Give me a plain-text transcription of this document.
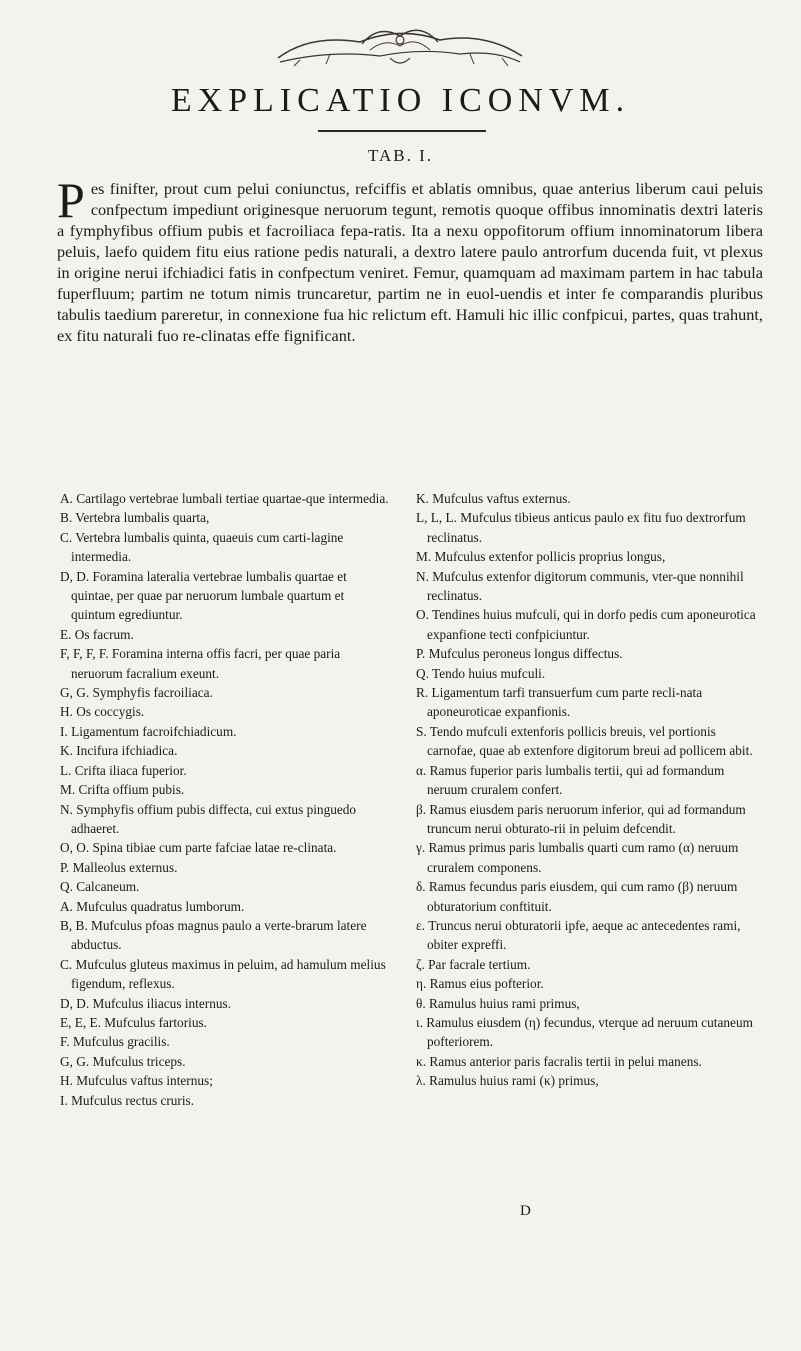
EXPLICATIO ICONVM.
TAB. I.
P es finifter, prout cum pelui coniunctus, refciffis et ablatis omnibus, quae anterius liberum caui peluis confpectum impediunt originesque neruorum tegunt, remotis quoque offibus innominatis dextri lateris a fymphyfibus offium pubis et facroiliaca fepa-ratis. Ita a nexu oppofitorum offium innominatorum libera peluis, laefo quidem fitu eius ratione pedis naturali, a dextro latere paulo antrorfum ducenda fuit, vt plexus in origine nerui ifchiadici fatis in confpectum veniret. Femur, quamquam ad maximam partem in hac tabula fuperfluum; partim ne totum nimis truncaretur, partim ne in euol-uendis et inter fe comparandis pluribus tabulis taedium pareretur, in connexione fua hic relictum eft. Hamuli hic illic confpicui, partes, quas trahunt, ex fitu naturali fuo re-clinatas effe fignificant.

A. Cartilago vertebrae lumbali tertiae quartae-que intermedia.

B. Vertebra lumbalis quarta,

C. Vertebra lumbalis quinta, quaeuis cum carti-lagine intermedia.

D, D. Foramina lateralia vertebrae lumbalis quartae et quintae, per quae par neruorum lumbale quartum et quintum egrediuntur.

E. Os facrum.

F, F, F, F. Foramina interna offis facri, per quae paria neruorum facralium exeunt.

G, G. Symphyfis facroiliaca.

H. Os coccygis.

I. Ligamentum facroifchiadicum.

K. Incifura ifchiadica.

L. Crifta iliaca fuperior.

M. Crifta offium pubis.

N. Symphyfis offium pubis diffecta, cui extus pinguedo adhaeret.

O, O. Spina tibiae cum parte fafciae latae re-clinata.

P. Malleolus externus.

Q. Calcaneum.

A. Mufculus quadratus lumborum.

B, B. Mufculus pfoas magnus paulo a verte-brarum latere abductus.

C. Mufculus gluteus maximus in peluim, ad hamulum melius figendum, reflexus.

D, D. Mufculus iliacus internus.

E, E, E. Mufculus fartorius.

F. Mufculus gracilis.

G, G. Mufculus triceps.

H. Mufculus vaftus internus;

I. Mufculus rectus cruris.

K. Mufculus vaftus externus.

L, L, L. Mufculus tibieus anticus paulo ex fitu fuo dextrorfum reclinatus.

M. Mufculus extenfor pollicis proprius longus,

N. Mufculus extenfor digitorum communis, vter-que nonnihil reclinatus.

O. Tendines huius mufculi, qui in dorfo pedis cum aponeurotica expanfione tecti confpiciuntur.

P. Mufculus peroneus longus diffectus.

Q. Tendo huius mufculi.

R. Ligamentum tarfi transuerfum cum parte recli-nata aponeuroticae expanfionis.

S. Tendo mufculi extenforis pollicis breuis, vel portionis carnofae, quae ab extenfore digitorum breui ad pollicem abit.

α. Ramus fuperior paris lumbalis tertii, qui ad formandum neruum cruralem confert.

β. Ramus eiusdem paris neruorum inferior, qui ad formandum truncum nerui obturato-rii in peluim defcendit.

γ. Ramus primus paris lumbalis quarti cum ramo (α) neruum cruralem componens.

δ. Ramus fecundus paris eiusdem, qui cum ramo (β) neruum obturatorium conftituit.

ε. Truncus nerui obturatorii ipfe, aeque ac antecedentes rami, obiter expreffi.

ζ. Par facrale tertium.

η. Ramus eius pofterior.

θ. Ramulus huius rami primus,

ι. Ramulus eiusdem (η) fecundus, vterque ad neruum cutaneum pofteriorem.

κ. Ramus anterior paris facralis tertii in pelui manens.

λ. Ramulus huius rami (κ) primus,

D
